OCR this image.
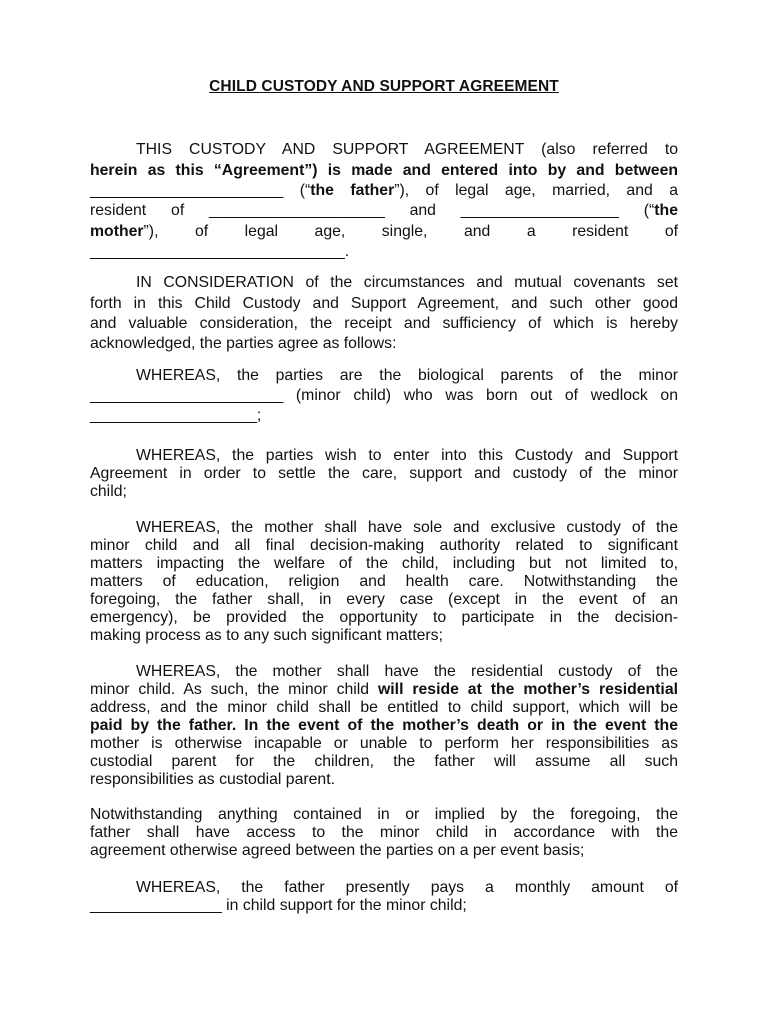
CHILD CUSTODY AND SUPPORT AGREEMENT
THIS CUSTODY AND SUPPORT AGREEMENT (also referred to
herein as this “Agreement”) is made and entered into by and between
______________________ (“the father”), of legal age, married, and a
resident of ____________________ and __________________ (“the
mother”), of legal age, single, and a resident of
_____________________________.
IN CONSIDERATION of the circumstances and mutual covenants set
forth in this Child Custody and Support Agreement, and such other good
and valuable consideration, the receipt and sufficiency of which is hereby
acknowledged, the parties agree as follows:
WHEREAS, the parties are the biological parents of the minor
______________________ (minor child) who was born out of wedlock on
___________________;
WHEREAS, the parties wish to enter into this Custody and Support
Agreement in order to settle the care, support and custody of the minor
child;
WHEREAS, the mother shall have sole and exclusive custody of the
minor child and all final decision-making authority related to significant
matters impacting the welfare of the child, including but not limited to,
matters of education, religion and health care. Notwithstanding the
foregoing, the father shall, in every case (except in the event of an
emergency), be provided the opportunity to participate in the decision-
making process as to any such significant matters;
WHEREAS, the mother shall have the residential custody of the
minor child. As such, the minor child will reside at the mother’s residential
address, and the minor child shall be entitled to child support, which will be
paid by the father. In the event of the mother’s death or in the event the
mother is otherwise incapable or unable to perform her responsibilities as
custodial parent for the children, the father will assume all such
responsibilities as custodial parent.
Notwithstanding anything contained in or implied by the foregoing, the
father shall have access to the minor child in accordance with the
agreement otherwise agreed between the parties on a per event basis;
WHEREAS, the father presently pays a monthly amount of
_______________ in child support for the minor child;
